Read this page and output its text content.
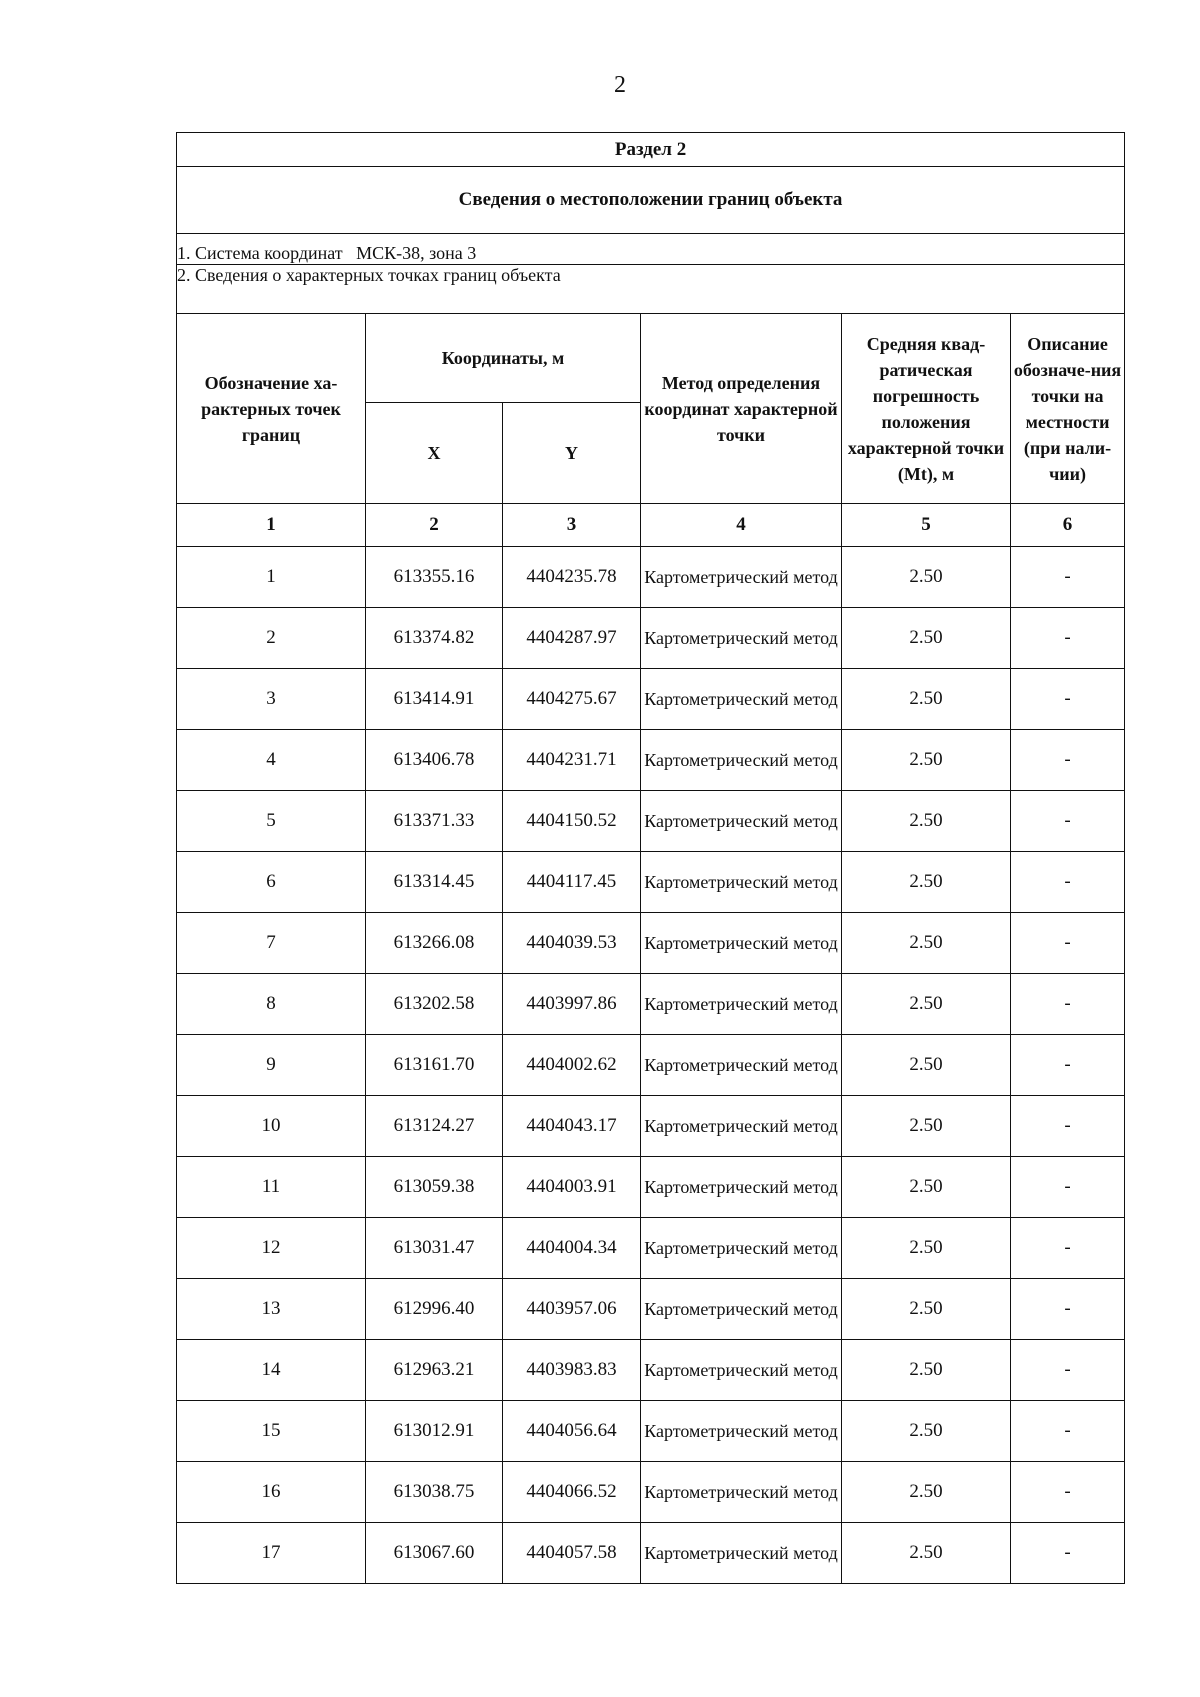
2
Раздел 2					
Сведения о местоположении границ объекта					
1. Система координат МСК-38, зона 3					
2. Сведения о характерных точках границ объекта					
Обозначение ха-рактерных точек границ	Координаты, м		Метод определения координат характерной точки	Средняя квад-ратическая погрешность положения характерной точки (Mt), м	Описание обозначе-ния точки на местности (при нали-чии)
	X	Y			
1	2	3	4	5	6
1	613355.16	4404235.78	Картометрический метод	2.50	-
2	613374.82	4404287.97	Картометрический метод	2.50	-
3	613414.91	4404275.67	Картометрический метод	2.50	-
4	613406.78	4404231.71	Картометрический метод	2.50	-
5	613371.33	4404150.52	Картометрический метод	2.50	-
6	613314.45	4404117.45	Картометрический метод	2.50	-
7	613266.08	4404039.53	Картометрический метод	2.50	-
8	613202.58	4403997.86	Картометрический метод	2.50	-
9	613161.70	4404002.62	Картометрический метод	2.50	-
10	613124.27	4404043.17	Картометрический метод	2.50	-
11	613059.38	4404003.91	Картометрический метод	2.50	-
12	613031.47	4404004.34	Картометрический метод	2.50	-
13	612996.40	4403957.06	Картометрический метод	2.50	-
14	612963.21	4403983.83	Картометрический метод	2.50	-
15	613012.91	4404056.64	Картометрический метод	2.50	-
16	613038.75	4404066.52	Картометрический метод	2.50	-
17	613067.60	4404057.58	Картометрический метод	2.50	-
